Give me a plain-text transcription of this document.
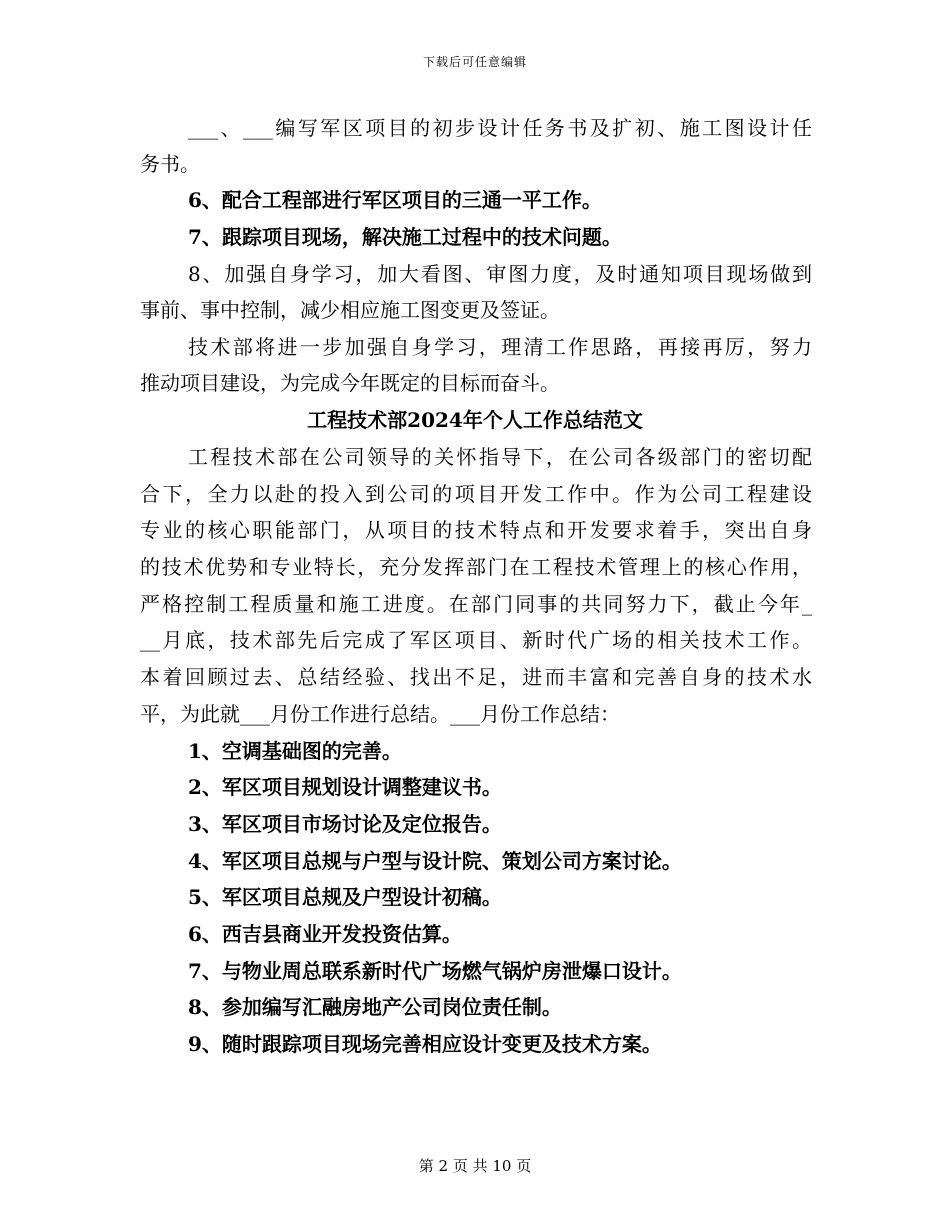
下载后可任意编辑
___、___编写军区项目的初步设计任务书及扩初、施工图设计任
务书。
6、配合工程部进行军区项目的三通一平工作。
7、跟踪项目现场，解决施工过程中的技术问题。
8、加强自身学习，加大看图、审图力度，及时通知项目现场做到
事前、事中控制，减少相应施工图变更及签证。
技术部将进一步加强自身学习，理清工作思路，再接再厉，努力
推动项目建设，为完成今年既定的目标而奋斗。
工程技术部2024年个人工作总结范文
工程技术部在公司领导的关怀指导下，在公司各级部门的密切配
合下，全力以赴的投入到公司的项目开发工作中。作为公司工程建设
专业的核心职能部门，从项目的技术特点和开发要求着手，突出自身
的技术优势和专业特长，充分发挥部门在工程技术管理上的核心作用，
严格控制工程质量和施工进度。在部门同事的共同努力下，截止今年_
__月底，技术部先后完成了军区项目、新时代广场的相关技术工作。
本着回顾过去、总结经验、找出不足，进而丰富和完善自身的技术水
平，为此就___月份工作进行总结。___月份工作总结：
1、空调基础图的完善。
2、军区项目规划设计调整建议书。
3、军区项目市场讨论及定位报告。
4、军区项目总规与户型与设计院、策划公司方案讨论。
5、军区项目总规及户型设计初稿。
6、西吉县商业开发投资估算。
7、与物业周总联系新时代广场燃气锅炉房泄爆口设计。
8、参加编写汇融房地产公司岗位责任制。
9、随时跟踪项目现场完善相应设计变更及技术方案。
第 2 页 共 10 页
